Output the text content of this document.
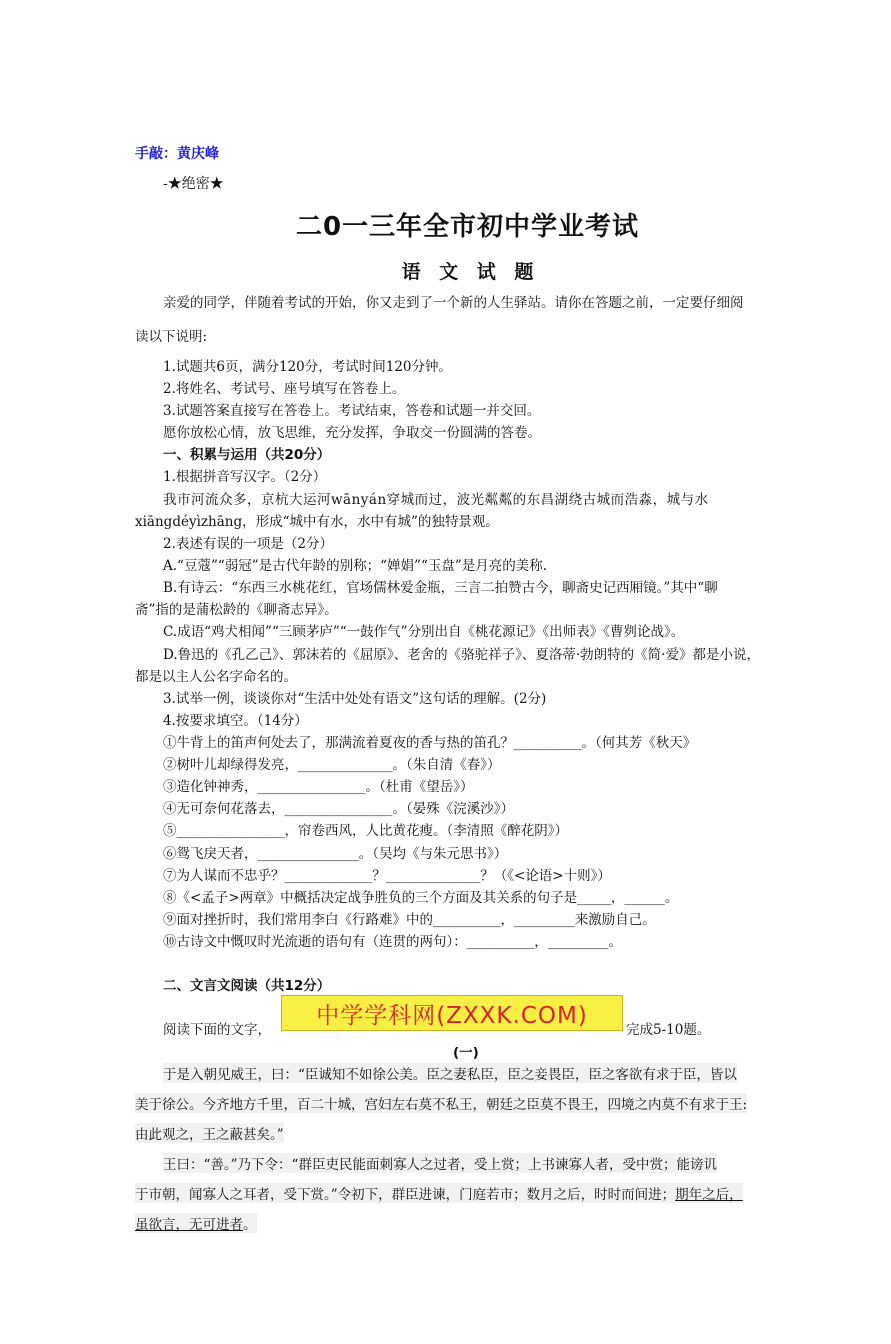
手敲：黄庆峰
-★绝密★
二0一三年全市初中学业考试
语 文 试 题
亲爱的同学，伴随着考试的开始，你又走到了一个新的人生驿站。请你在答题之前，一定要仔细阅
读以下说明:
1.试题共6页，满分120分，考试时间120分钟。
2.将姓名、考试号、座号填写在答卷上。
3.试题答案直接写在答卷上。考试结束，答卷和试题一并交回。
愿你放松心情，放飞思维，充分发挥，争取交一份圆满的答卷。
一、积累与运用（共20分）
1.根据拼音写汉字。（2分）
我市河流众多，京杭大运河wānyán穿城而过，波光粼粼的东昌湖绕古城而浩淼，城与水
xiāngdéyìzhāng，形成“城中有水，水中有城”的独特景观。
2.表述有误的一项是（2分）
A.“豆蔻”“弱冠”是古代年龄的别称；“婵娟”“玉盘”是月亮的美称.
B.有诗云：“东西三水桃花红，官场儒林爱金瓶，三言二拍赞古今，聊斋史记西厢镜。”其中“聊
斋”指的是蒲松龄的《聊斋志异》。
C.成语“鸡犬相闻”“三顾茅庐”“一鼓作气”分别出自《桃花源记》《出师表》《曹刿论战》。
D.鲁迅的《孔乙己》、郭沫若的《屈原》、老舍的《骆驼祥子》、夏洛蒂·勃朗特的《简·爱》都是小说，
都是以主人公名字命名的。
3.试举一例，谈谈你对“生活中处处有语文”这句话的理解。(2分)
4.按要求填空。（14分）
①牛背上的笛声何处去了，那满流着夏夜的香与热的笛孔？__________。（何其芳《秋天》
②树叶儿却绿得发亮，______________。（朱自清《春》）
③造化钟神秀，________________。（杜甫《望岳》）
④无可奈何花落去，________________。（晏殊《浣溪沙》）
⑤________________，帘卷西风，人比黄花瘦。（李清照《醉花阴》）
⑥鸳飞戾天者，_______________。（吴均《与朱元思书》）
⑦为人谋而不忠乎？_____________？______________？（《<论语>十则》）
⑧《<孟子>两章》中概括决定战争胜负的三个方面及其关系的句子是_____，______。
⑨面对挫折时，我们常用李白《行路难》中的__________，_________来激励自己。
⑩古诗文中慨叹时光流逝的语句有（连贯的两句）：__________，_________。
二、文言文阅读（共12分）
阅读下面的文字，
中学学科网(ZXXK.COM)
完成5-10题。
(一)
于是入朝见威王，曰：“臣诚知不如徐公美。臣之妻私臣，臣之妾畏臣，臣之客欲有求于臣，皆以
美于徐公。今齐地方千里，百二十城，宫妇左右莫不私王，朝廷之臣莫不畏王，四境之内莫不有求于王:
由此观之，王之蔽甚矣。”
王曰：“善。”乃下令：“群臣吏民能面刺寡人之过者，受上赏；上书谏寡人者，受中赏；能谤讥
于市朝，闻寡人之耳者，受下赏。”令初下，群臣进谏，门庭若市；数月之后，时时而间进；期年之后，
虽欲言，无可进者。
